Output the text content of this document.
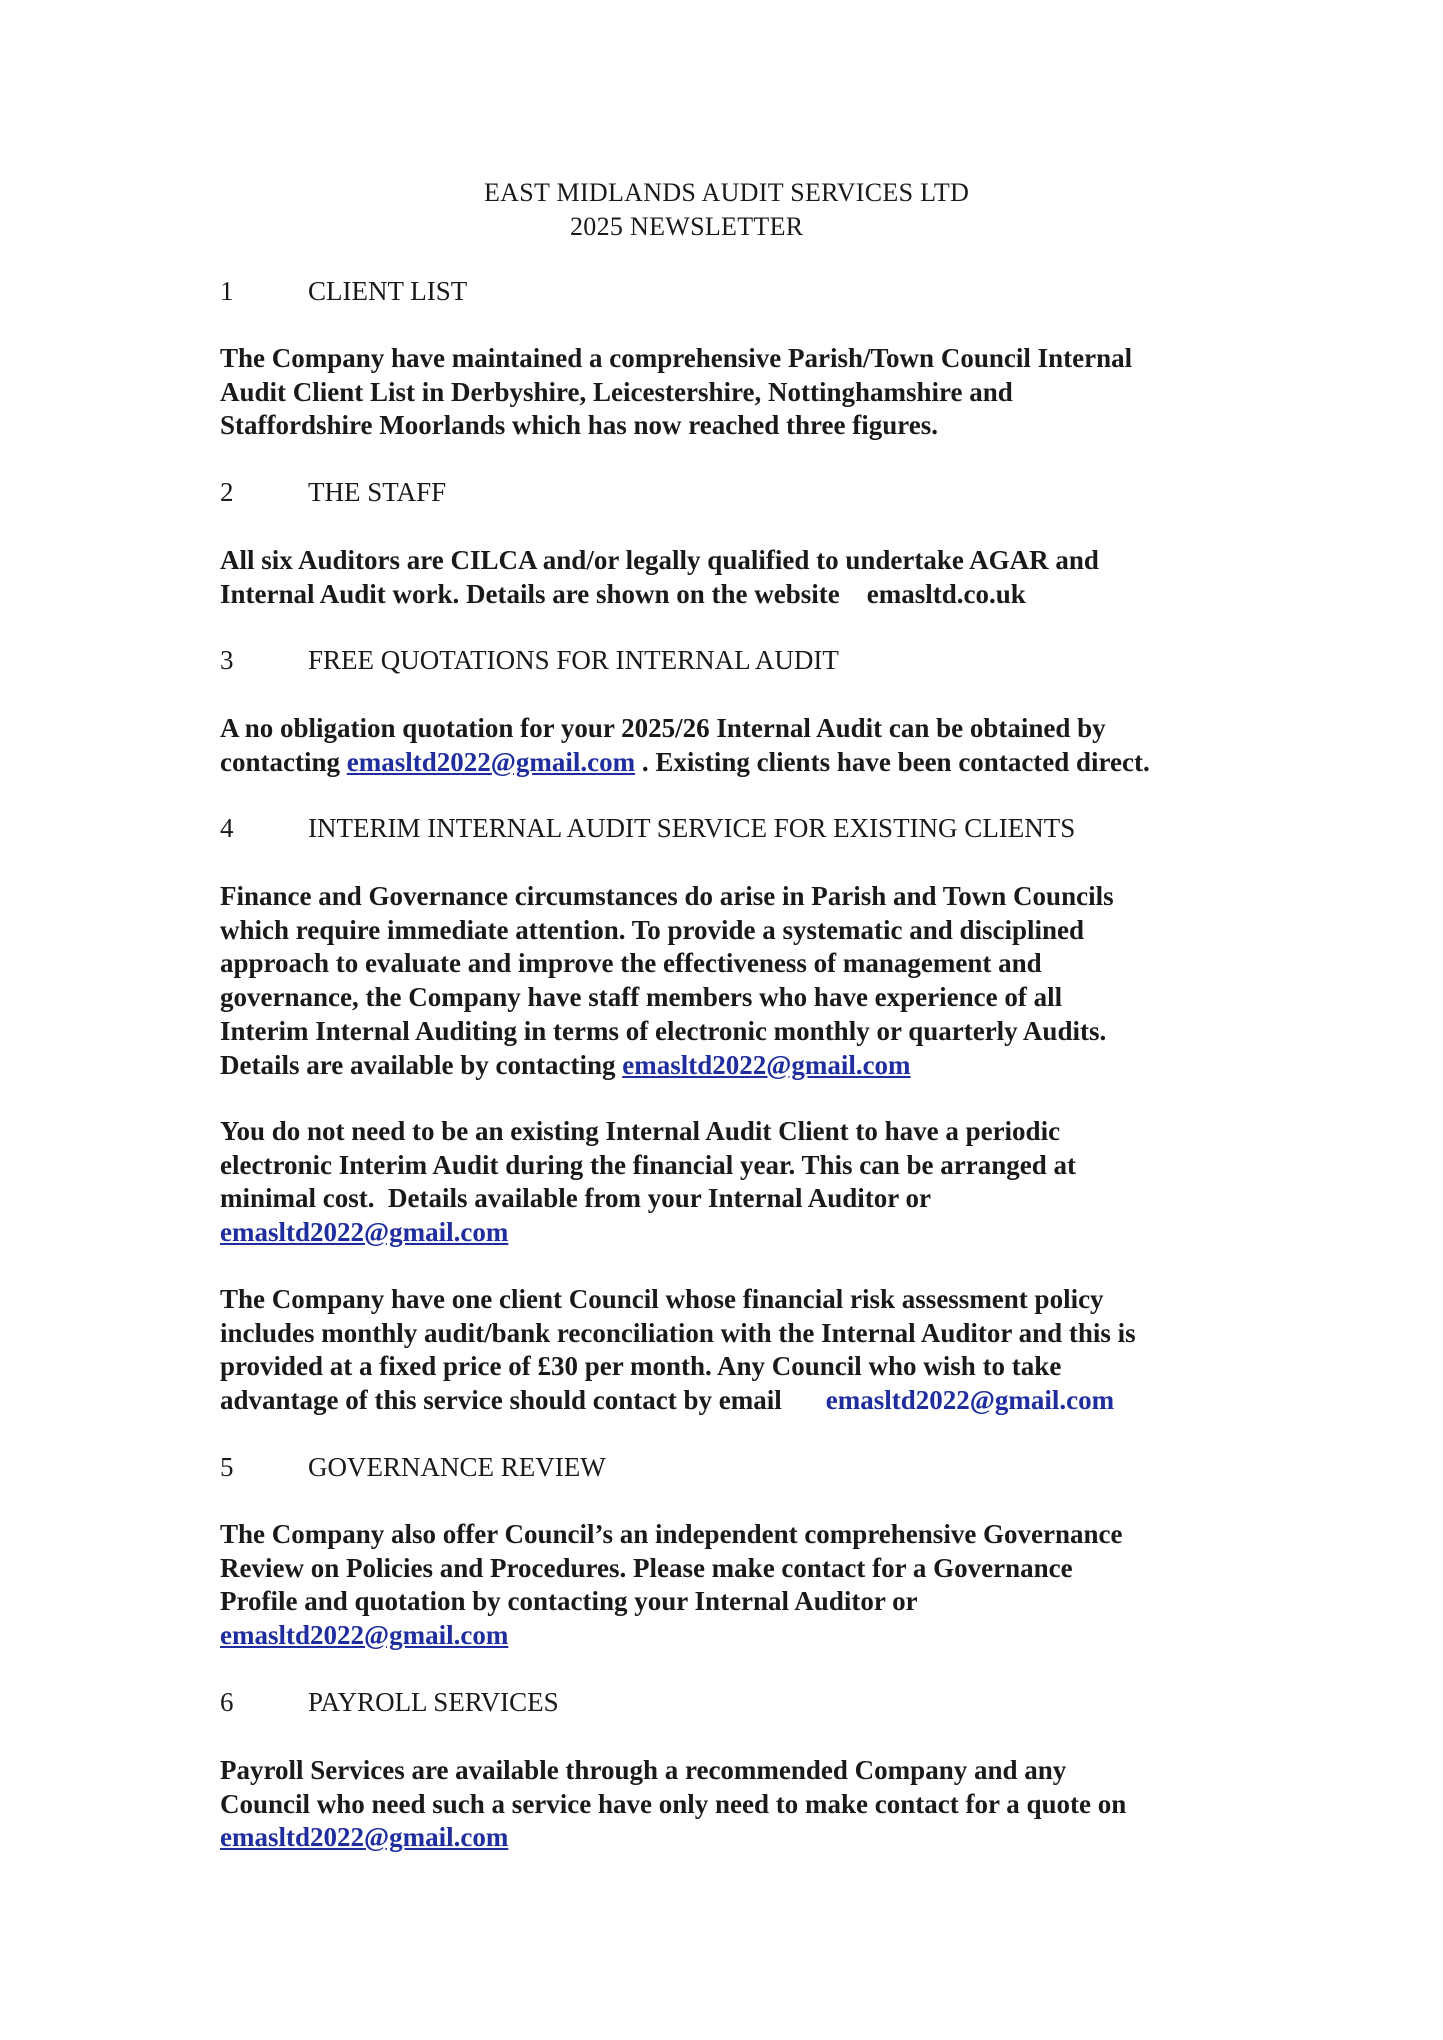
EAST MIDLANDS AUDIT SERVICES LTD
2025 NEWSLETTER
1	CLIENT LIST
The Company have maintained a comprehensive Parish/Town Council Internal
Audit Client List in Derbyshire, Leicestershire, Nottinghamshire and
Staffordshire Moorlands which has now reached three figures.
2	THE STAFF
All six Auditors are CILCA and/or legally qualified to undertake AGAR and
Internal Audit work. Details are shown on the website    emasltd.co.uk
3	FREE QUOTATIONS FOR INTERNAL AUDIT
A no obligation quotation for your 2025/26 Internal Audit can be obtained by
contacting emasltd2022@gmail.com . Existing clients have been contacted direct.
4	INTERIM INTERNAL AUDIT SERVICE FOR EXISTING CLIENTS
Finance and Governance circumstances do arise in Parish and Town Councils
which require immediate attention. To provide a systematic and disciplined
approach to evaluate and improve the effectiveness of management and
governance, the Company have staff members who have experience of all
Interim Internal Auditing in terms of electronic monthly or quarterly Audits.
Details are available by contacting emasltd2022@gmail.com
You do not need to be an existing Internal Audit Client to have a periodic
electronic Interim Audit during the financial year. This can be arranged at
minimal cost.  Details available from your Internal Auditor or
emasltd2022@gmail.com
The Company have one client Council whose financial risk assessment policy
includes monthly audit/bank reconciliation with the Internal Auditor and this is
provided at a fixed price of £30 per month. Any Council who wish to take
advantage of this service should contact by email emasltd2022@gmail.com
5	GOVERNANCE REVIEW
The Company also offer Council’s an independent comprehensive Governance
Review on Policies and Procedures. Please make contact for a Governance
Profile and quotation by contacting your Internal Auditor or
emasltd2022@gmail.com
6	PAYROLL SERVICES
Payroll Services are available through a recommended Company and any
Council who need such a service have only need to make contact for a quote on
emasltd2022@gmail.com
